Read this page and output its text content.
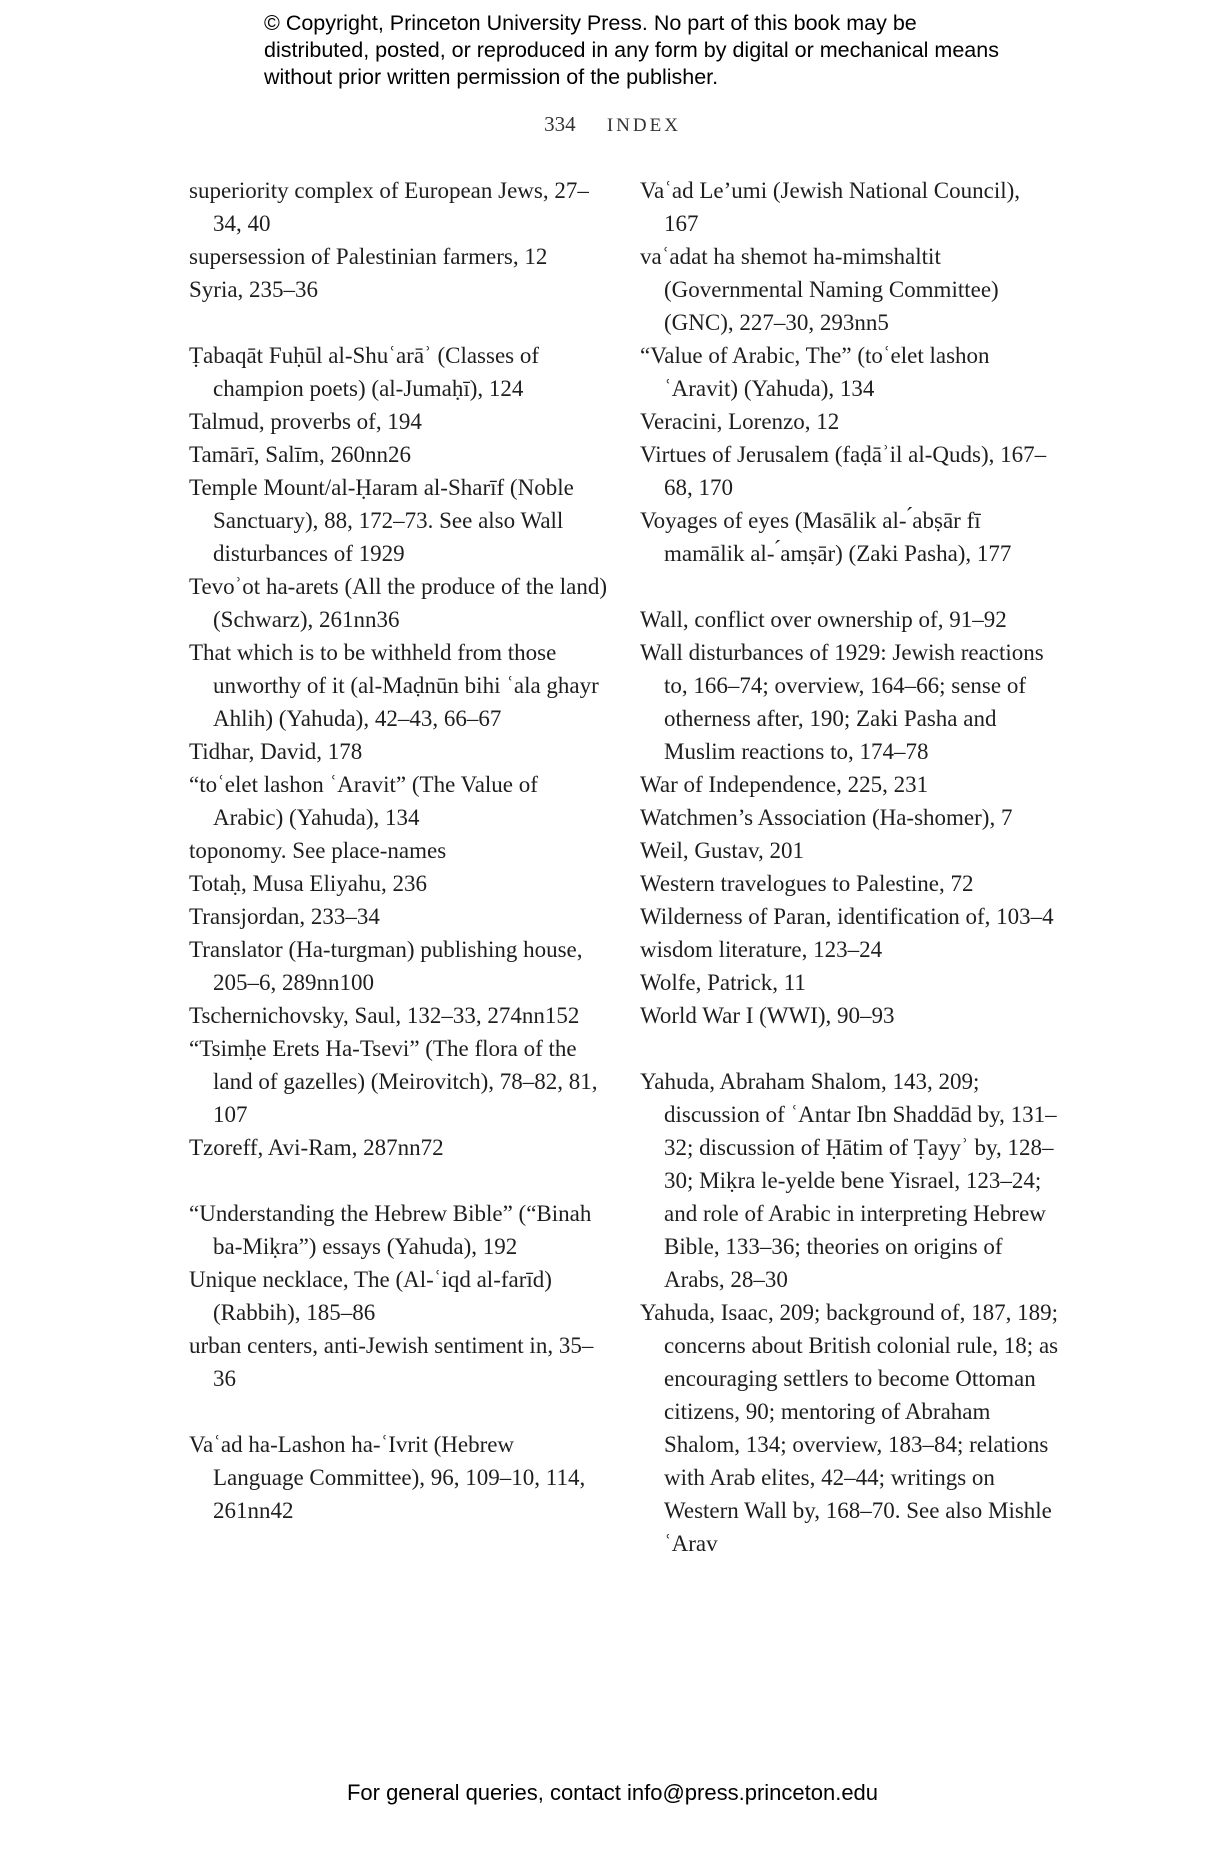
© Copyright, Princeton University Press. No part of this book may be distributed, posted, or reproduced in any form by digital or mechanical means without prior written permission of the publisher.
334 INDEX
superiority complex of European Jews, 27–34, 40
supersession of Palestinian farmers, 12
Syria, 235–36
Ṭabaqāt Fuḥūl al-Shuʿarāʾ (Classes of champion poets) (al-Jumaḥī), 124
Talmud, proverbs of, 194
Tamārī, Salīm, 260nn26
Temple Mount/al-Ḥaram al-Sharīf (Noble Sanctuary), 88, 172–73. See also Wall disturbances of 1929
Tevoʾot ha-arets (All the produce of the land) (Schwarz), 261nn36
That which is to be withheld from those unworthy of it (al-Maḍnūn bihi ʿala ghayr Ahlih) (Yahuda), 42–43, 66–67
Tidhar, David, 178
“toʿelet lashon ʿAravit” (The Value of Arabic) (Yahuda), 134
toponomy. See place-names
Totaḥ, Musa Eliyahu, 236
Transjordan, 233–34
Translator (Ha-turgman) publishing house, 205–6, 289nn100
Tschernichovsky, Saul, 132–33, 274nn152
“Tsimḥe Erets Ha-Tsevi” (The flora of the land of gazelles) (Meirovitch), 78–82, 81, 107
Tzoreff, Avi-Ram, 287nn72
“Understanding the Hebrew Bible” (“Binah ba-Miḳra”) essays (Yahuda), 192
Unique necklace, The (Al-ʿiqd al-farīd) (Rabbih), 185–86
urban centers, anti-Jewish sentiment in, 35–36
Vaʿad ha-Lashon ha-ʿIvrit (Hebrew Language Committee), 96, 109–10, 114, 261nn42
Vaʿad Le’umi (Jewish National Council), 167
vaʿadat ha shemot ha-mimshaltit (Governmental Naming Committee) (GNC), 227–30, 293nn5
“Value of Arabic, The” (toʿelet lashon ʿAravit) (Yahuda), 134
Veracini, Lorenzo, 12
Virtues of Jerusalem (faḍāʾil al-Quds), 167–68, 170
Voyages of eyes (Masālik al- ́abṣār fī mamālik al- ́amṣār) (Zaki Pasha), 177
Wall, conflict over ownership of, 91–92
Wall disturbances of 1929: Jewish reactions to, 166–74; overview, 164–66; sense of otherness after, 190; Zaki Pasha and Muslim reactions to, 174–78
War of Independence, 225, 231
Watchmen’s Association (Ha-shomer), 7
Weil, Gustav, 201
Western travelogues to Palestine, 72
Wilderness of Paran, identification of, 103–4
wisdom literature, 123–24
Wolfe, Patrick, 11
World War I (WWI), 90–93
Yahuda, Abraham Shalom, 143, 209; discussion of ʿAntar Ibn Shaddād by, 131–32; discussion of Ḥātim of Ṭayyʾ by, 128–30; Miḳra le-yelde bene Yisrael, 123–24; and role of Arabic in interpreting Hebrew Bible, 133–36; theories on origins of Arabs, 28–30
Yahuda, Isaac, 209; background of, 187, 189; concerns about British colonial rule, 18; as encouraging settlers to become Ottoman citizens, 90; mentoring of Abraham Shalom, 134; overview, 183–84; relations with Arab elites, 42–44; writings on Western Wall by, 168–70. See also Mishle ʿArav
For general queries, contact info@press.princeton.edu
